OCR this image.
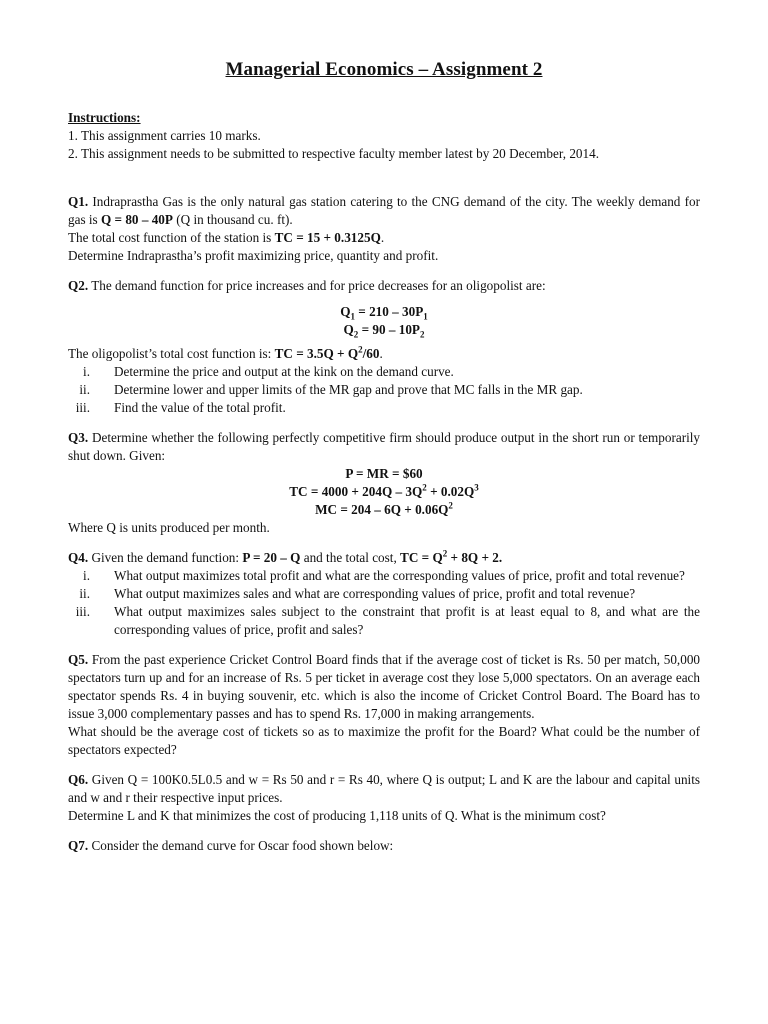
Managerial Economics – Assignment 2

Instructions:

1. This assignment carries 10 marks.

2. This assignment needs to be submitted to respective faculty member latest by 20 December, 2014.

Q1. Indraprastha Gas is the only natural gas station catering to the CNG demand of the city. The weekly demand for gas is Q = 80 – 40P (Q in thousand cu. ft).

The total cost function of the station is TC = 15 + 0.3125Q.

Determine Indraprastha’s profit maximizing price, quantity and profit.

Q2. The demand function for price increases and for price decreases for an oligopolist are:

$Q_1 = 210 - 30P_1$

$Q_2 = 90 - 10P_2$

The oligopolist’s total cost function is: TC = $3.5Q + Q^2/60$.

i. Determine the price and output at the kink on the demand curve.
ii. Determine lower and upper limits of the MR gap and prove that MC falls in the MR gap.
iii. Find the value of the total profit.

Q3. Determine whether the following perfectly competitive firm should produce output in the short run or temporarily shut down. Given:

P = MR = $60

TC = $4000 + 204Q - 3Q^2 + 0.02Q^3$

MC = $204 - 6Q + 0.06Q^2$

Where Q is units produced per month.

Q4. Given the demand function: P = 20 – Q and the total cost, TC = $Q^2 + 8Q + 2$.

i. What output maximizes total profit and what are the corresponding values of price, profit and total revenue?
ii. What output maximizes sales and what are corresponding values of price, profit and total revenue?
iii. What output maximizes sales subject to the constraint that profit is at least equal to 8, and what are the corresponding values of price, profit and sales?

Q5. From the past experience Cricket Control Board finds that if the average cost of ticket is Rs. 50 per match, 50,000 spectators turn up and for an increase of Rs. 5 per ticket in average cost they lose 5,000 spectators. On an average each spectator spends Rs. 4 in buying souvenir, etc. which is also the income of Cricket Control Board. The Board has to issue 3,000 complementary passes and has to spend Rs. 17,000 in making arrangements.

What should be the average cost of tickets so as to maximize the profit for the Board? What could be the number of spectators expected?

Q6. Given Q = 100K0.5L0.5 and w = Rs 50 and r = Rs 40, where Q is output; L and K are the labour and capital units and w and r their respective input prices.

Determine L and K that minimizes the cost of producing 1,118 units of Q. What is the minimum cost?

Q7. Consider the demand curve for Oscar food shown below:
